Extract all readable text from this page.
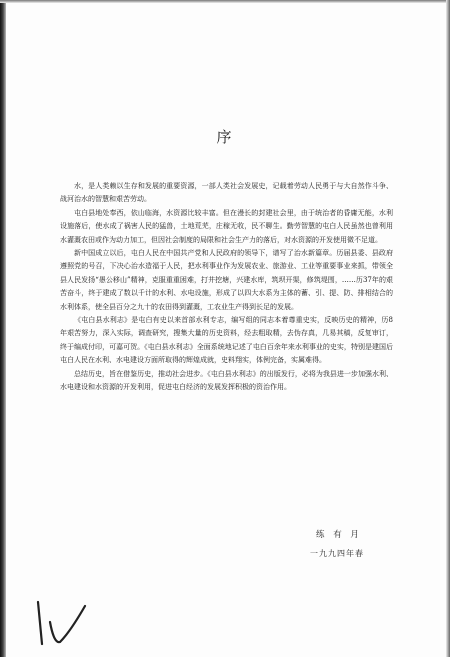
序

水，是人类赖以生存和发展的重要资源，一部人类社会发展史，记载着劳动人民勇于与大自然作斗争、战河治水的智慧和艰苦劳动。

屯白县地处奉西，依山临海，水资源比较丰富。但在漫长的封建社会里，由于统治者的昏庸无能，水利设施落后，使水成了祸害人民的猛兽，土地荒芜，庄稼无收，民不聊生。勤劳智慧的屯白人民虽然也曾利用水灌溉农田或作为动力加工，但因社会制度的局限和社会生产力的落后，对水资源的开发使用微不足道。

新中国成立以后，屯白人民在中国共产党和人民政府的领导下，谱写了治水新篇章。历届县委、县政府遵照党的号召，下决心治水造福于人民，把水利事业作为发展农业、旅游业、工业等重要事业来抓，带领全县人民发扬“愚公移山”精神，克服重重困难，打井挖塘，兴建水库，筑坝开渠，修筑堤围，……历37年的艰苦奋斗，终于建成了数以千计的水利、水电设施，形成了以四大水系为主体的蓄、引、提、防、排相结合的水利体系，使全县百分之九十的农田得到灌溉，工农业生产得到长足的发展。

《屯白县水利志》是屯白有史以来首部水利专志，编写组的同志本着尊重史实，反映历史的精神，历8年艰苦努力，深入实际，调查研究，搜集大量的历史资料，经去粗取精，去伪存真，几易其稿，反复审订，终于编成付印，可嘉可贺。《屯白县水利志》全面系统地记述了屯白百余年来水利事业的史实，特别是建国后屯白人民在水利、水电建设方面所取得的辉煌成就，史料翔实，体例完备，实属难得。

总结历史，旨在借鉴历史，推动社会进步。《屯白县水利志》的出版发行，必将为我县进一步加强水利、水电建设和水资源的开发利用，促进屯白经济的发展发挥积极的资治作用。

练 有 月
一九九四年春
